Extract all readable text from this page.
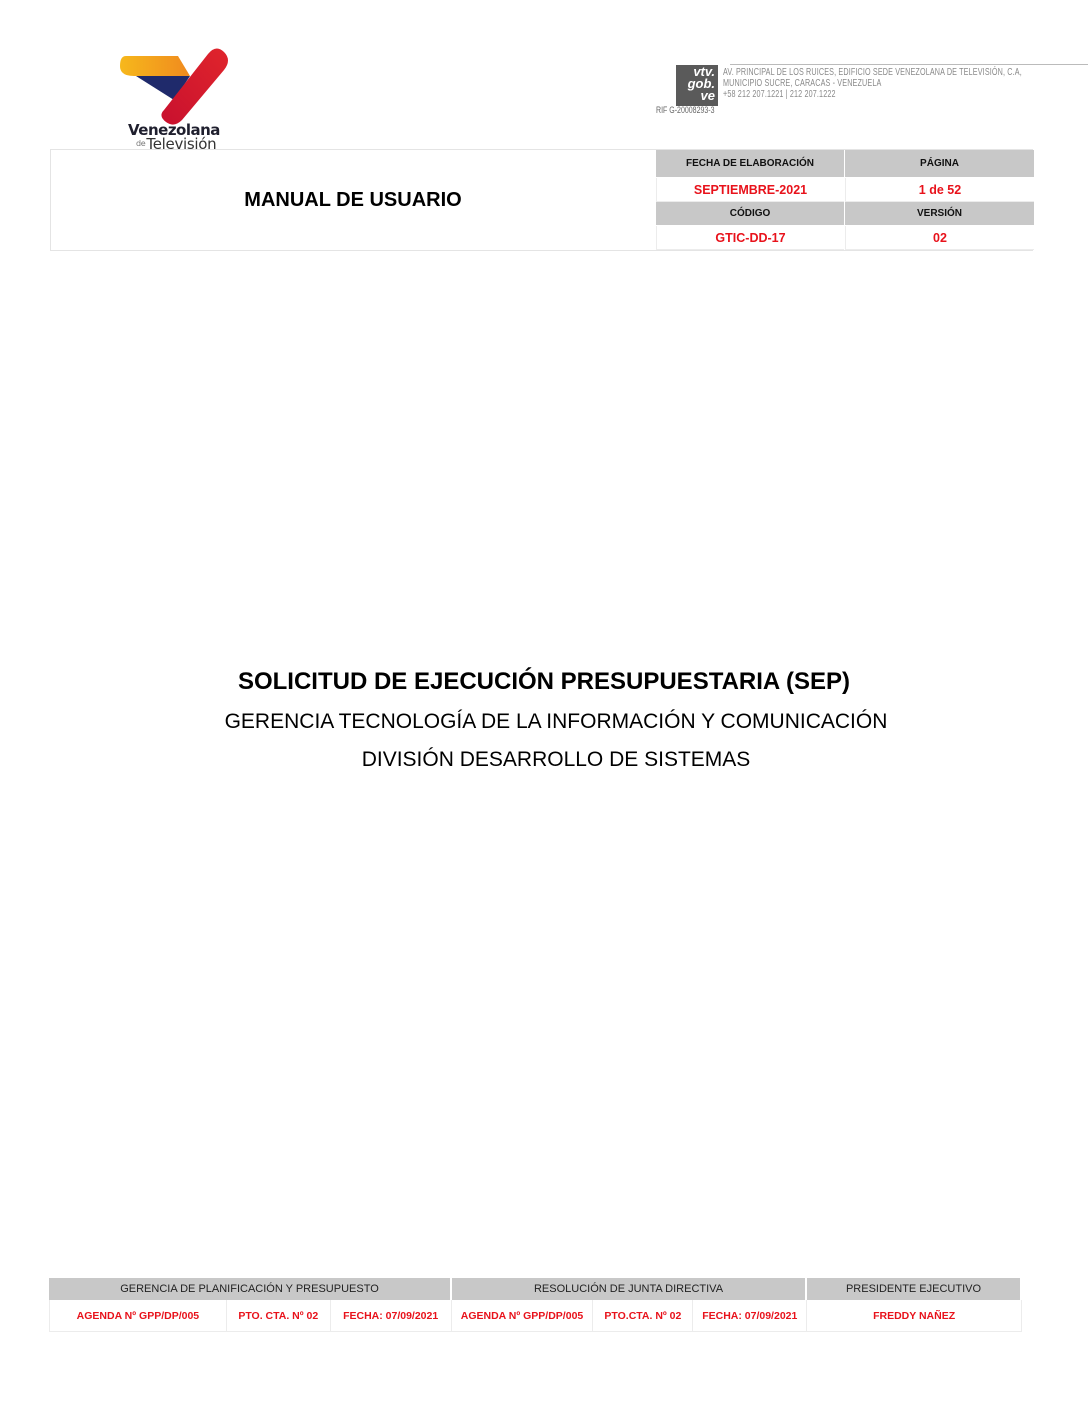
Venezolana
$^{de}$Televisión
vtv.
gob.
ve
RIF G-20008293-3
AV. PRINCIPAL DE LOS RUICES, EDIFICIO SEDE VENEZOLANA DE TELEVISIÓN, C.A,
MUNICIPIO SUCRE, CARACAS - VENEZUELA
+58 212 207.1221 | 212 207.1222
MANUAL DE USUARIO
FECHA DE ELABORACIÓN	PÁGINA
SEPTIEMBRE-2021	1 de 52
CÓDIGO	VERSIÓN
GTIC-DD-17	02
SOLICITUD DE EJECUCIÓN PRESUPUESTARIA (SEP)
GERENCIA TECNOLOGÍA DE LA INFORMACIÓN Y COMUNICACIÓN
DIVISIÓN DESARROLLO DE SISTEMAS
GERENCIA DE PLANIFICACIÓN Y PRESUPUESTO	RESOLUCIÓN DE JUNTA DIRECTIVA	PRESIDENTE EJECUTIVO
AGENDA Nº GPP/DP/005	PTO. CTA. Nº 02	FECHA: 07/09/2021	AGENDA Nº GPP/DP/005	PTO.CTA. Nº 02	FECHA: 07/09/2021	FREDDY NAÑEZ
